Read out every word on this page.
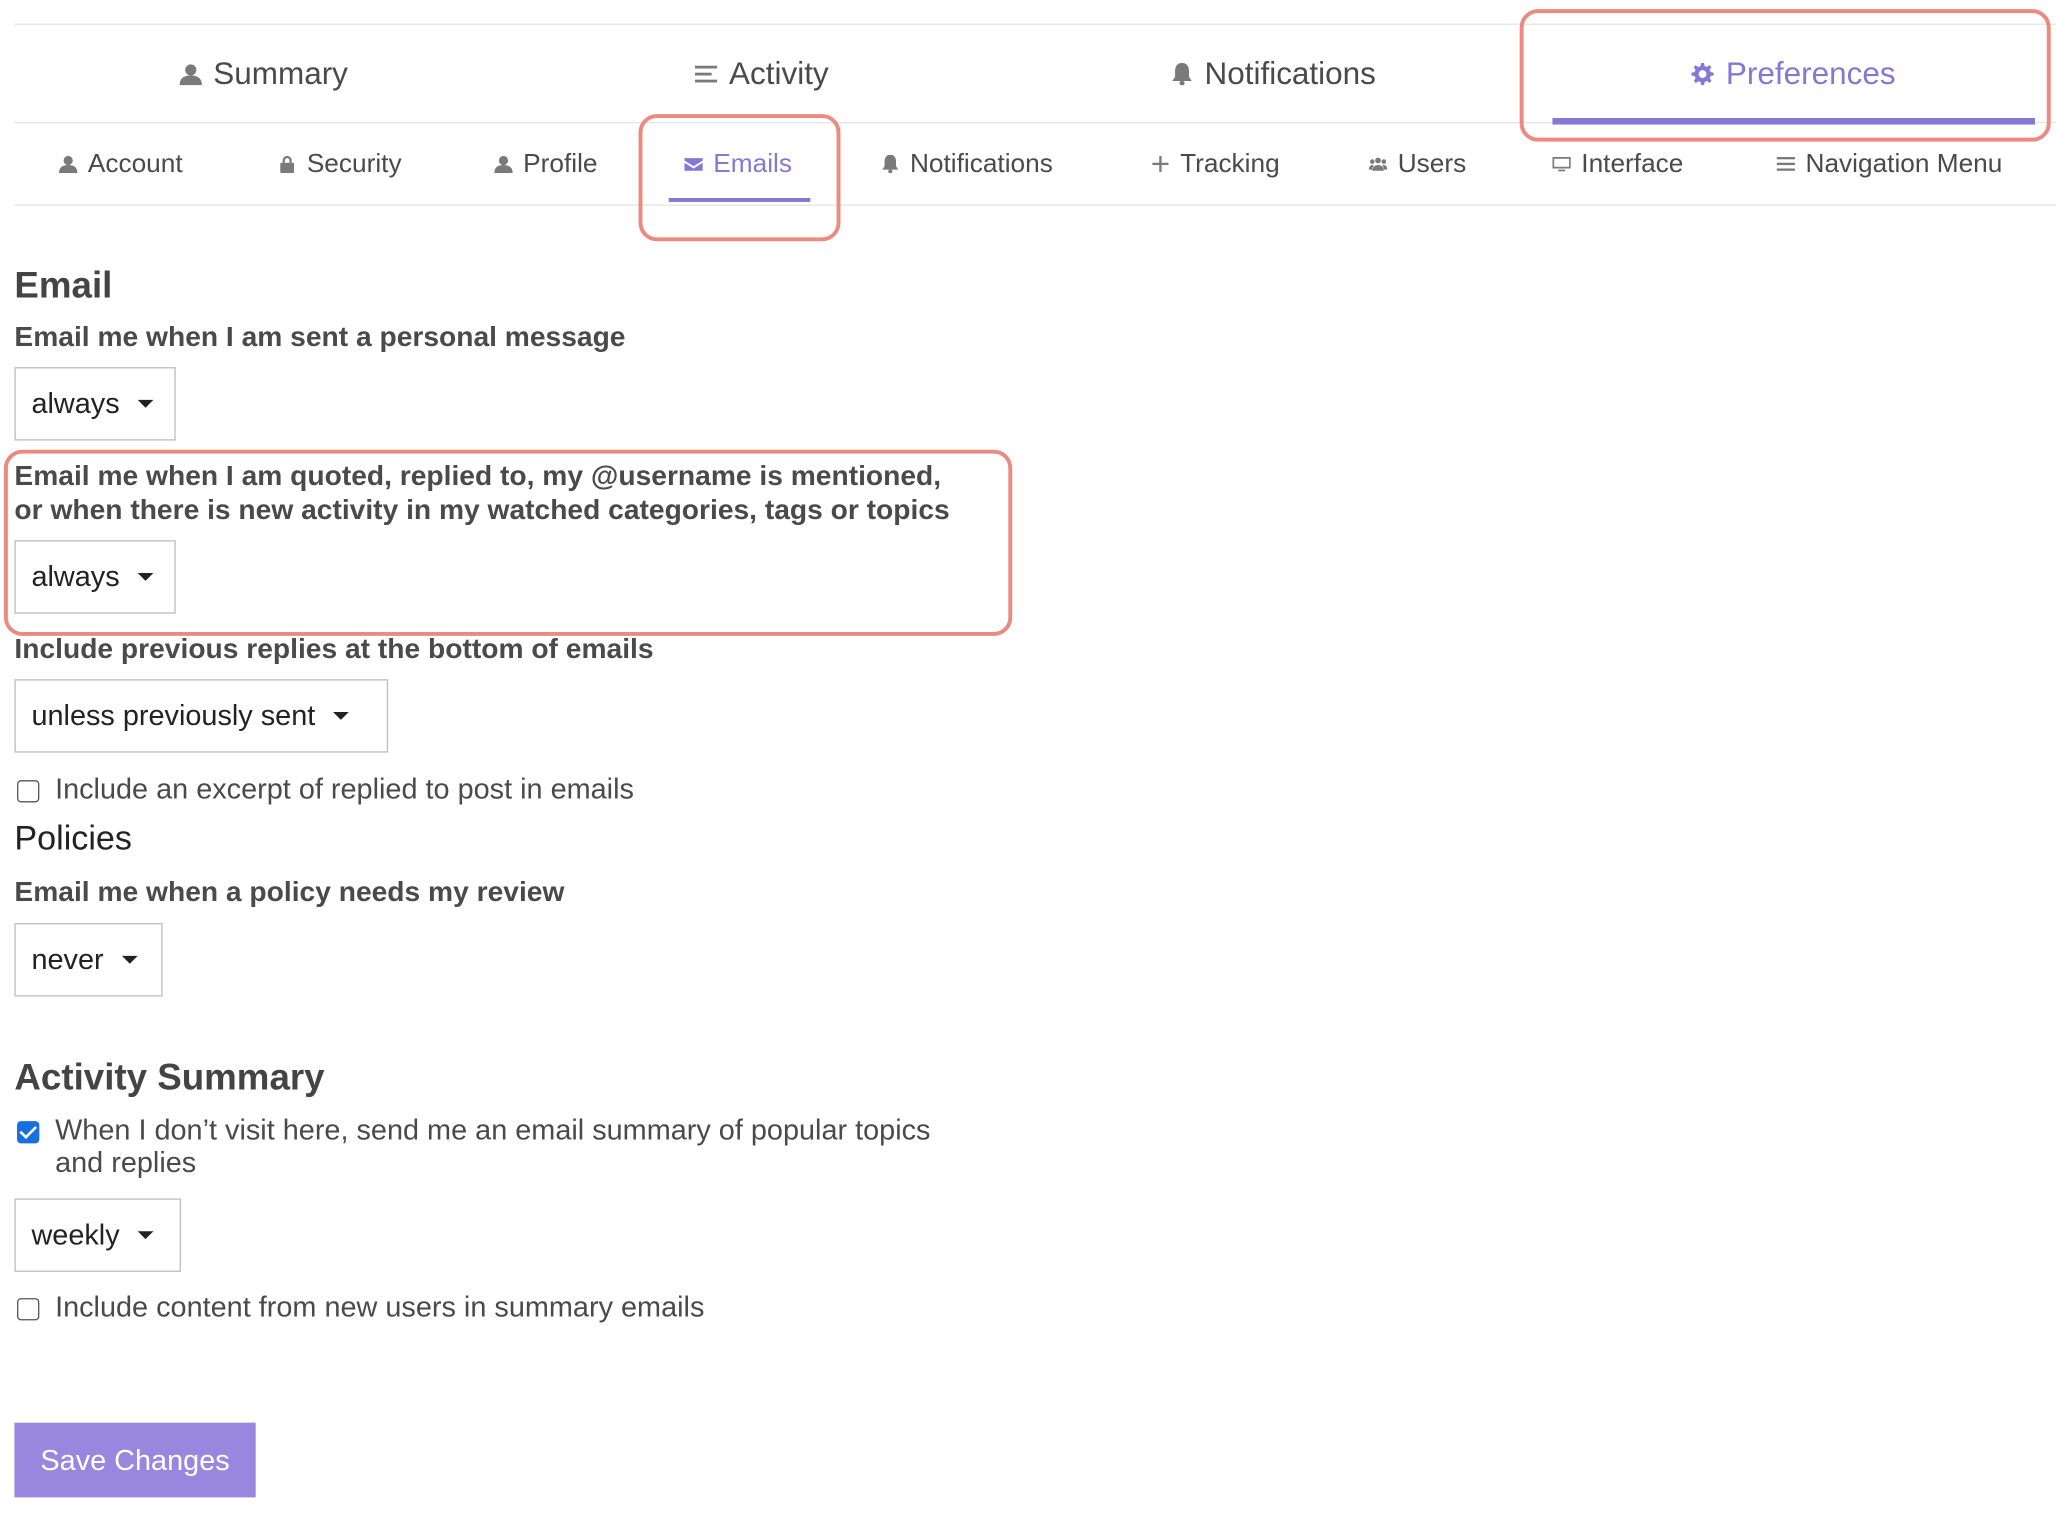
Summary	Activity	Notifications	Preferences
Account	Security	Profile	Emails	Notifications	Tracking	Users	Interface	Navigation Menu
Email
Email me when I am sent a personal message
always
Email me when I am quoted, replied to, my @username is mentioned,
or when there is new activity in my watched categories, tags or topics
always
Include previous replies at the bottom of emails
unless previously sent
Include an excerpt of replied to post in emails
Policies
Email me when a policy needs my review
never
Activity Summary
When I don’t visit here, send me an email summary of popular topics
and replies
weekly
Include content from new users in summary emails
Save Changes
